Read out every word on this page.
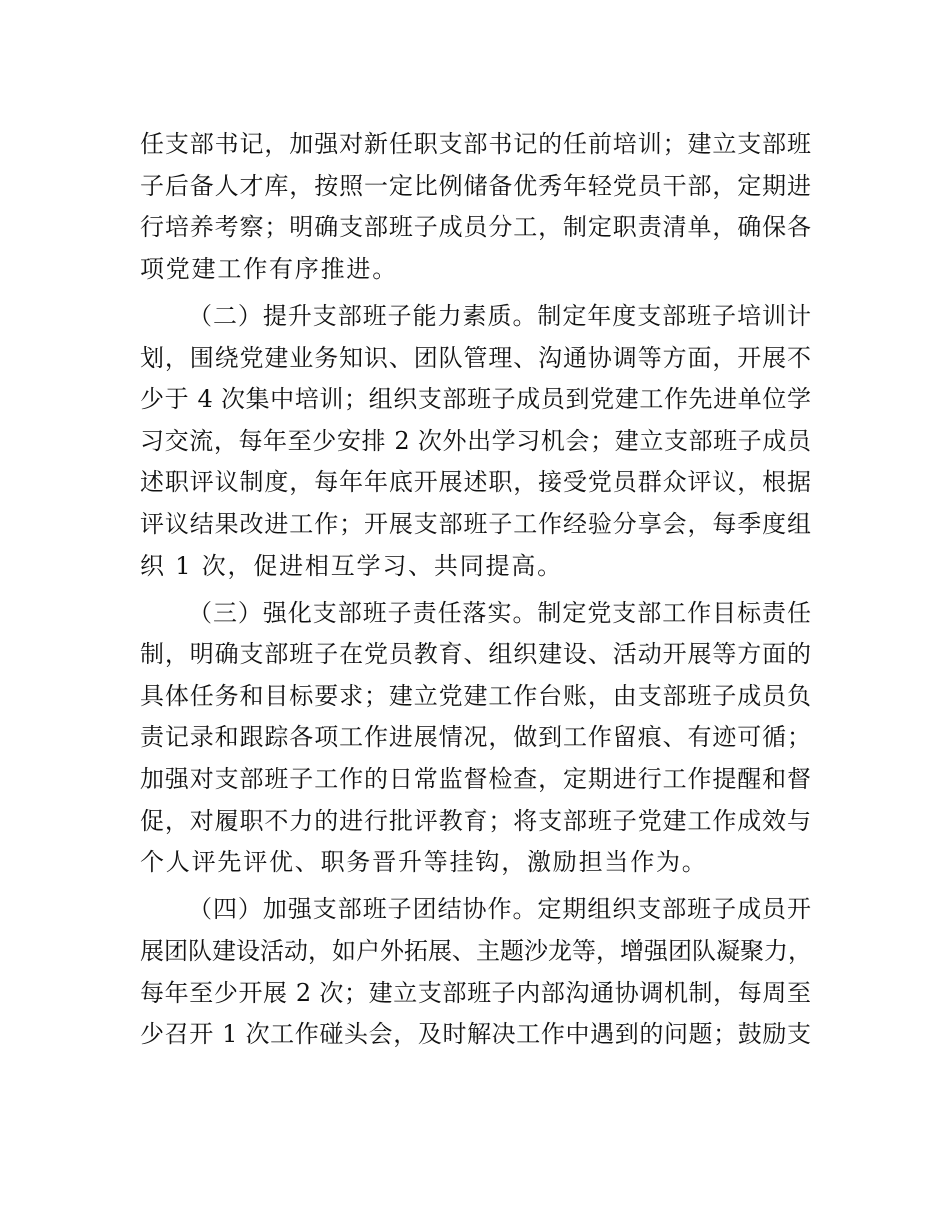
任支部书记，加强对新任职支部书记的任前培训；建立支部班
子后备人才库，按照一定比例储备优秀年轻党员干部，定期进
行培养考察；明确支部班子成员分工，制定职责清单，确保各
项党建工作有序推进。
（二）提升支部班子能力素质。制定年度支部班子培训计
划，围绕党建业务知识、团队管理、沟通协调等方面，开展不
少于 4 次集中培训；组织支部班子成员到党建工作先进单位学
习交流，每年至少安排 2 次外出学习机会；建立支部班子成员
述职评议制度，每年年底开展述职，接受党员群众评议，根据
评议结果改进工作；开展支部班子工作经验分享会，每季度组
织 1 次，促进相互学习、共同提高。
（三）强化支部班子责任落实。制定党支部工作目标责任
制，明确支部班子在党员教育、组织建设、活动开展等方面的
具体任务和目标要求；建立党建工作台账，由支部班子成员负
责记录和跟踪各项工作进展情况，做到工作留痕、有迹可循；
加强对支部班子工作的日常监督检查，定期进行工作提醒和督
促，对履职不力的进行批评教育；将支部班子党建工作成效与
个人评先评优、职务晋升等挂钩，激励担当作为。
（四）加强支部班子团结协作。定期组织支部班子成员开
展团队建设活动，如户外拓展、主题沙龙等，增强团队凝聚力，
每年至少开展 2 次；建立支部班子内部沟通协调机制，每周至
少召开 1 次工作碰头会，及时解决工作中遇到的问题；鼓励支
